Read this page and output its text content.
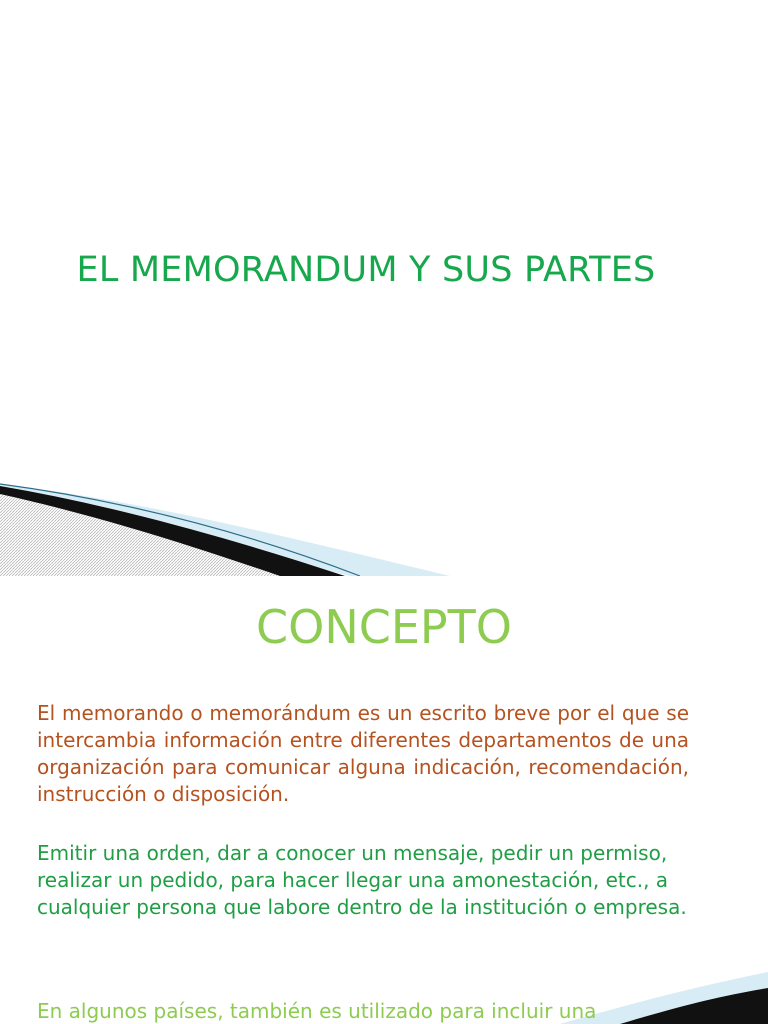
EL MEMORANDUM Y SUS PARTES
CONCEPTO

El memorando o memorándum es un escrito breve por el que se intercambia información entre diferentes departamentos de una organización para comunicar alguna indicación, recomendación, instrucción o disposición.

Emitir una orden, dar a conocer un mensaje, pedir un permiso, realizar un pedido, para hacer llegar una amonestación, etc., a cualquier persona que labore dentro de la institución o empresa.

En algunos países, también es utilizado para incluir una
